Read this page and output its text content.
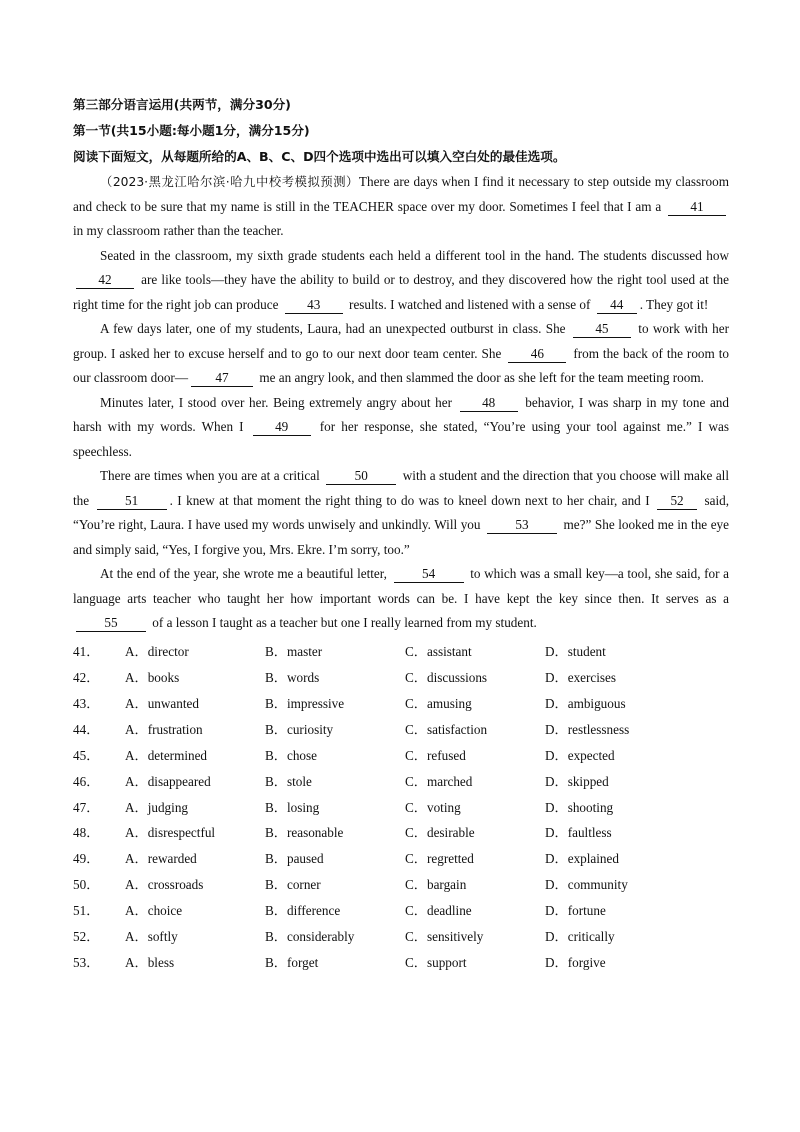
第三部分语言运用(共两节，满分30分)
第一节(共15小题:每小题1分，满分15分)
阅读下面短文，从每题所给的A、B、C、D四个选项中选出可以填入空白处的最佳选项。

（2023·黑龙江哈尔滨·哈九中校考模拟预测）There are days when I find it necessary to step outside my classroom and check to be sure that my name is still in the TEACHER space over my door. Sometimes I feel that I am a 41 in my classroom rather than the teacher.

Seated in the classroom, my sixth grade students each held a different tool in the hand. The students discussed how 42 are like tools—they have the ability to build or to destroy, and they discovered how the right tool used at the right time for the right job can produce 43 results. I watched and listened with a sense of 44 . They got it!

A few days later, one of my students, Laura, had an unexpected outburst in class. She 45 to work with her group. I asked her to excuse herself and to go to our next door team center. She 46 from the back of the room to our classroom door— 47 me an angry look, and then slammed the door as she left for the team meeting room.

Minutes later, I stood over her. Being extremely angry about her 48 behavior, I was sharp in my tone and harsh with my words. When I 49 for her response, she stated, “You’re using your tool against me.” I was speechless.

There are times when you are at a critical	50	with a student and the direction that you choose will make all the	51 . I knew at that moment the right thing to do was to kneel down next to her chair, and I 52 said, “You’re right, Laura. I have used my words unwisely and unkindly. Will you	53	me?” She looked me in the eye and simply said, “Yes, I forgive you, Mrs. Ekre. I’m sorry, too.”

At the end of the year, she wrote me a beautiful letter,	54	to which was a small key—a tool, she said, for a language arts teacher who taught her how important words can be. I have kept the key since then. It serves as a 55	of a lesson I taught as a teacher but one I really learned from my student.

41．	A．director	B．master	C．assistant	D．student
42．	A．books	B．words	C．discussions	D．exercises
43．	A．unwanted	B．impressive	C．amusing	D．ambiguous
44．	A．frustration	B．curiosity	C．satisfaction	D．restlessness
45．	A．determined	B．chose	C．refused	D．expected
46．	A．disappeared	B．stole	C．marched	D．skipped
47．	A．judging	B．losing	C．voting	D．shooting
48．	A．disrespectful	B．reasonable	C．desirable	D．faultless
49．	A．rewarded	B．paused	C．regretted	D．explained
50．	A．crossroads	B．corner	C．bargain	D．community
51．	A．choice	B．difference	C．deadline	D．fortune
52．	A．softly	B．considerably	C．sensitively	D．critically
53．	A．bless	B．forget	C．support	D．forgive
